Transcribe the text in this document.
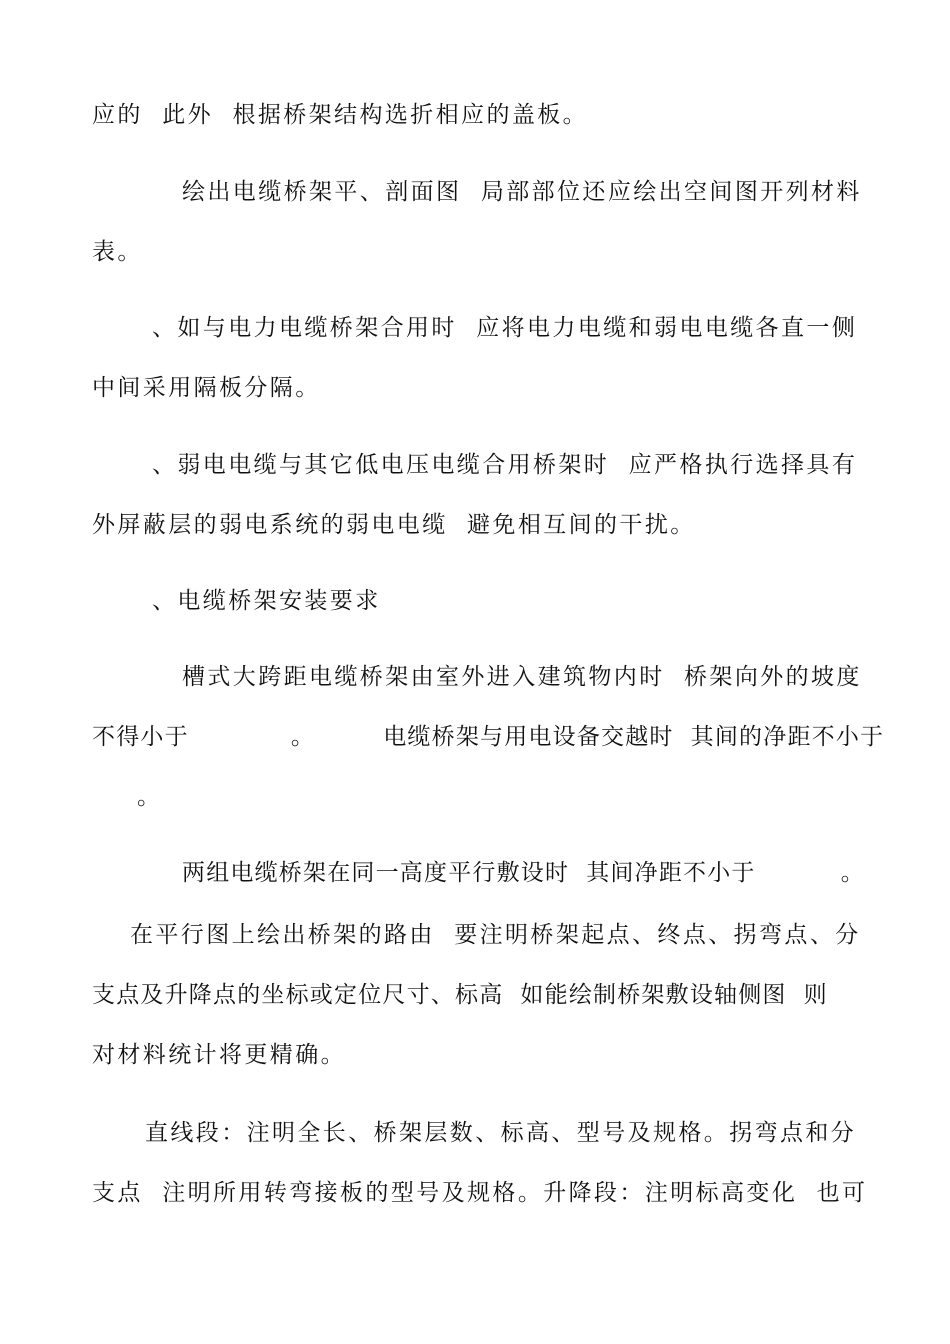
应的  此外  根据桥架结构选折相应的盖板。
绘出电缆桥架平、剖面图  局部部位还应绘出空间图开列材料
表。
、如与电力电缆桥架合用时  应将电力电缆和弱电电缆各直一侧
中间采用隔板分隔。
、弱电电缆与其它低电压电缆合用桥架时  应严格执行选择具有
外屏蔽层的弱电系统的弱电电缆  避免相互间的干扰。
、电缆桥架安装要求
槽式大跨距电缆桥架由室外进入建筑物内时  桥架向外的坡度
不得小于            。        电缆桥架与用电设备交越时  其间的净距不小于
。
两组电缆桥架在同一高度平行敷设时  其间净距不小于          。
在平行图上绘出桥架的路由  要注明桥架起点、终点、拐弯点、分
支点及升降点的坐标或定位尺寸、标高  如能绘制桥架敷设轴侧图  则
对材料统计将更精确。
直线段：注明全长、桥架层数、标高、型号及规格。拐弯点和分
支点  注明所用转弯接板的型号及规格。升降段：注明标高变化  也可
